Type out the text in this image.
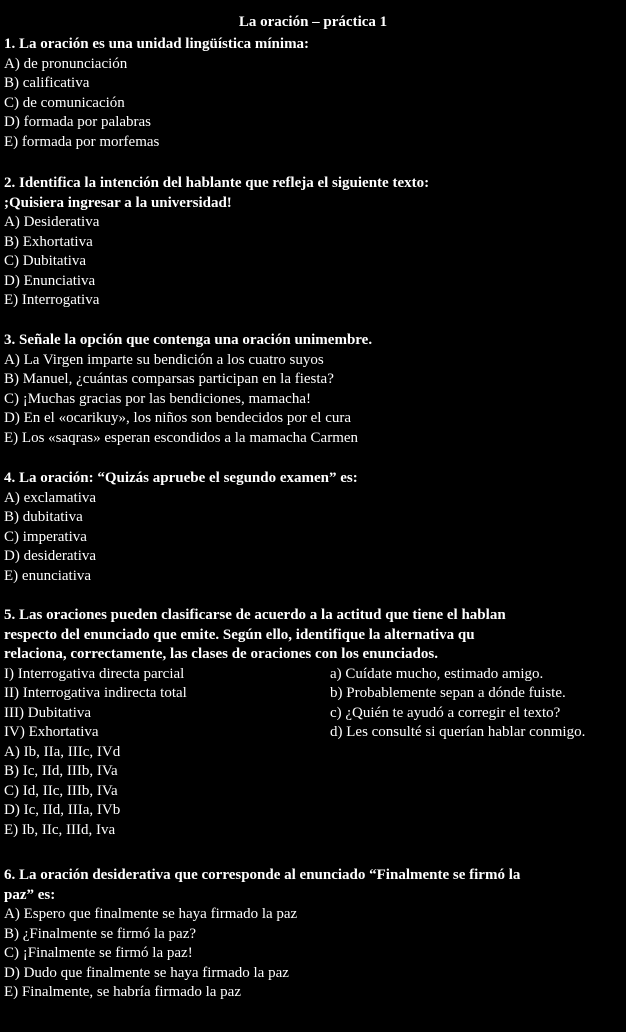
La oración – práctica 1
1. La oración es una unidad lingüística mínima:
A) de pronunciación
B) calificativa
C) de comunicación
D) formada por palabras
E) formada por morfemas
2. Identifica la intención del hablante que refleja el siguiente texto:
;Quisiera ingresar a la universidad!
A) Desiderativa
B) Exhortativa
C) Dubitativa
D) Enunciativa
E) Interrogativa
3. Señale la opción que contenga una oración unimembre.
A) La Virgen imparte su bendición a los cuatro suyos
B) Manuel, ¿cuántas comparsas participan en la fiesta?
C) ¡Muchas gracias por las bendiciones, mamacha!
D) En el «ocarikuy», los niños son bendecidos por el cura
E) Los «saqras» esperan escondidos a la mamacha Carmen
4. La oración: “Quizás apruebe el segundo examen” es:
A) exclamativa
B) dubitativa
C) imperativa
D) desiderativa
E) enunciativa
5. Las oraciones pueden clasificarse de acuerdo a la actitud que tiene el hablan
respecto del enunciado que emite. Según ello, identifique la alternativa qu
relaciona, correctamente, las clases de oraciones con los enunciados.
I) Interrogativa directa parcial
II) Interrogativa indirecta total
III) Dubitativa
IV) Exhortativa
a) Cuídate mucho, estimado amigo.
b) Probablemente sepan a dónde fuiste.
c) ¿Quién te ayudó a corregir el texto?
d) Les consulté si querían hablar conmigo.
A) Ib, IIa, IIIc, IVd
B) Ic, IId, IIIb, IVa
C) Id, IIc, IIIb, IVa
D) Ic, IId, IIIa, IVb
E) Ib, IIc, IIId, Iva
6. La oración desiderativa que corresponde al enunciado “Finalmente se firmó la
paz” es:
A) Espero que finalmente se haya firmado la paz
B) ¿Finalmente se firmó la paz?
C) ¡Finalmente se firmó la paz!
D) Dudo que finalmente se haya firmado la paz
E) Finalmente, se habría firmado la paz
